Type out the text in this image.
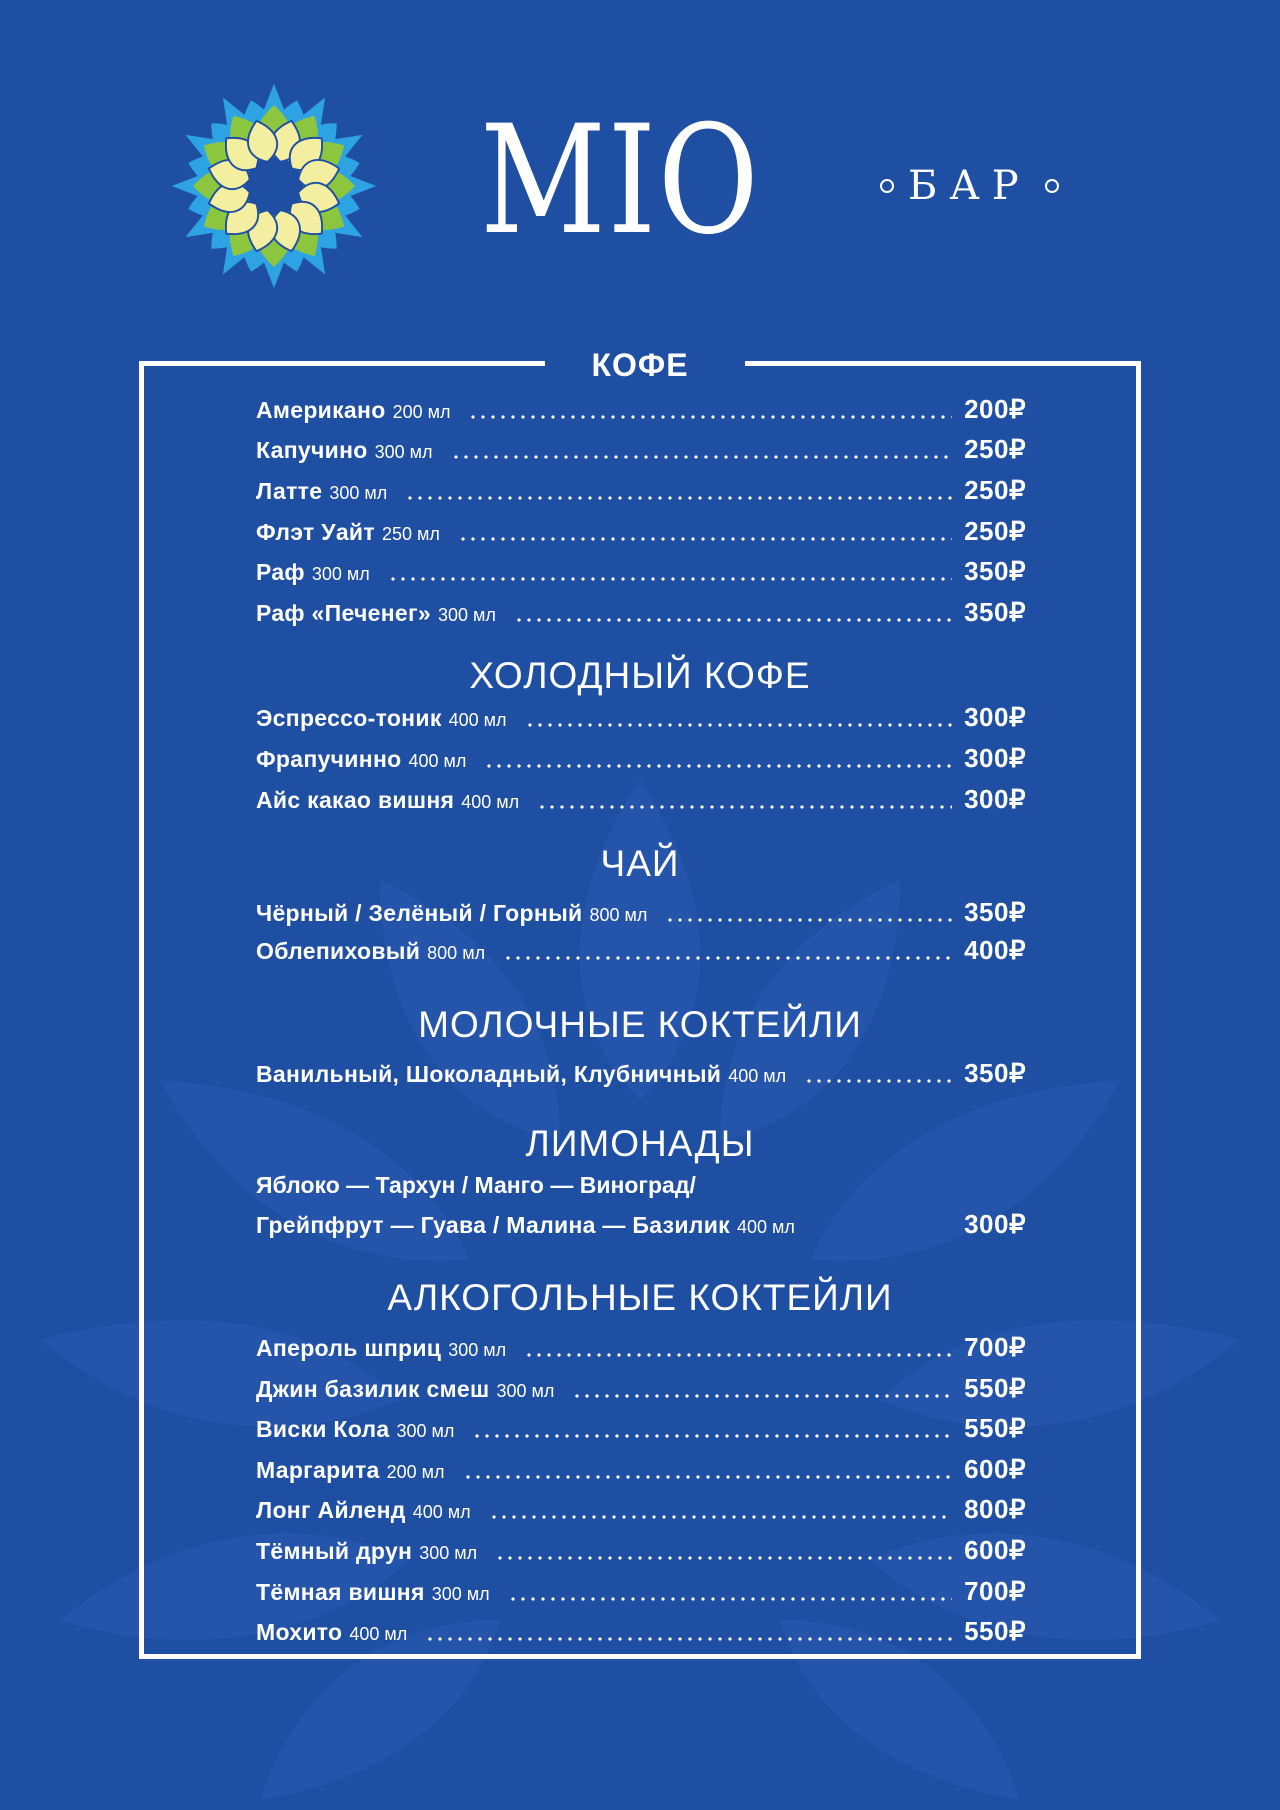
MIO	БАР
КОФЕ
Американо 200 мл	200₽
Капучино 300 мл	250₽
Латте 300 мл	250₽
Флэт Уайт 250 мл	250₽
Раф 300 мл	350₽
Раф «Печенег» 300 мл	350₽
ХОЛОДНЫЙ КОФЕ
Эспрессо-тоник 400 мл	300₽
Фрапучинно 400 мл	300₽
Айс какао вишня 400 мл	300₽
ЧАЙ
Чёрный / Зелёный / Горный 800 мл	350₽
Облепиховый 800 мл	400₽
МОЛОЧНЫЕ КОКТЕЙЛИ
Ванильный, Шоколадный, Клубничный 400 мл	350₽
ЛИМОНАДЫ
Яблоко — Тархун / Манго — Виноград/
Грейпфрут — Гуава / Малина — Базилик 400 мл	300₽
АЛКОГОЛЬНЫЕ КОКТЕЙЛИ
Апероль шприц 300 мл	700₽
Джин базилик смеш 300 мл	550₽
Виски Кола 300 мл	550₽
Маргарита 200 мл	600₽
Лонг Айленд 400 мл	800₽
Тёмный друн 300 мл	600₽
Тёмная вишня 300 мл	700₽
Мохито 400 мл	550₽
